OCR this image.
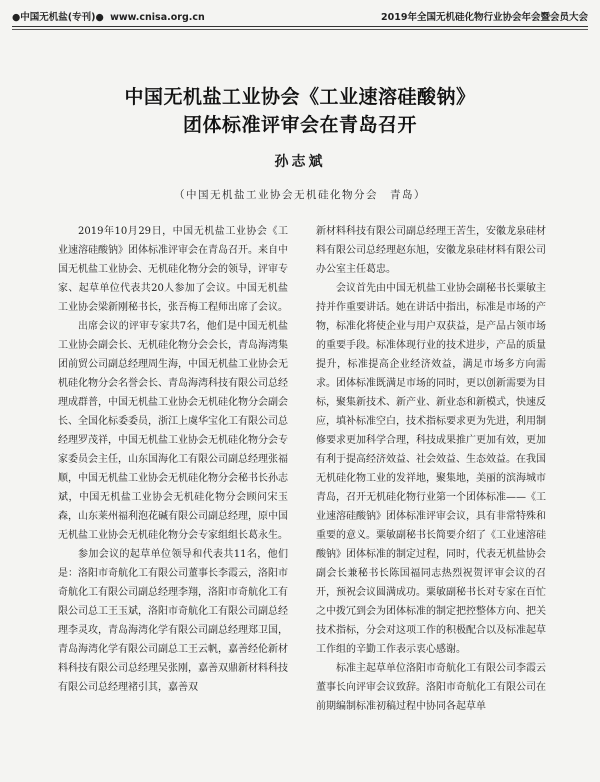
●中国无机盐(专刊)● www.cnisa.org.cn	2019年全国无机硅化物行业协会年会暨会员大会
中国无机盐工业协会《工业速溶硅酸钠》
团体标准评审会在青岛召开
孙志斌
（中国无机盐工业协会无机硅化物分会　青岛）

2019年10月29日，中国无机盐工业协会《工业速溶硅酸钠》团体标准评审会在青岛召开。来自中国无机盐工业协会、无机硅化物分会的领导，评审专家、起草单位代表共20人参加了会议。中国无机盐工业协会梁新刚秘书长，张吾梅工程师出席了会议。

出席会议的评审专家共7名，他们是中国无机盐工业协会副会长、无机硅化物分会会长，青岛海湾集团前贸公司副总经理周生海，中国无机盐工业协会无机硅化物分会名誉会长、青岛海湾科技有限公司总经理成群普，中国无机盐工业协会无机硅化物分会副会长、全国化标委委员，浙江上虞华宝化工有限公司总经理罗茂祥，中国无机盐工业协会无机硅化物分会专家委员会主任，山东国海化工有限公司副总经理张福顺，中国无机盐工业协会无机硅化物分会秘书长孙志斌，中国无机盐工业协会无机硅化物分会顾问宋玉森，山东莱州福利泡花碱有限公司副总经理，原中国无机盐工业协会无机硅化物分会专家组组长葛永生。

参加会议的起草单位领导和代表共11名，他们是：洛阳市奇航化工有限公司董事长李霞云，洛阳市奇航化工有限公司副总经理李翔，洛阳市奇航化工有限公司总工王玉斌，洛阳市奇航化工有限公司副总经理李灵攻，青岛海湾化学有限公司副总经理郑卫国，青岛海湾化学有限公司副总工王云帆，嘉善经伦新材料科技有限公司总经理吴张刚，嘉善双鼎新材料科技有限公司总经理褚引其，嘉善双

新材料科技有限公司副总经理王苦生，安徽龙泉硅材料有限公司总经理赵东旭，安徽龙泉硅材料有限公司办公室主任葛忠。

会议首先由中国无机盐工业协会副秘书长粟敏主持并作重要讲话。她在讲话中指出，标准是市场的产物，标准化将使企业与用户双获益，是产品占领市场的重要手段。标准体现行业的技术进步，产品的质量提升，标准提高企业经济效益，满足市场多方向需求。团体标准既满足市场的同时，更以创新需要为目标，聚集新技术、新产业、新业态和新模式，快速反应，填补标准空白，技术指标要求更为先进，利用制修要求更加科学合理，科技成果推广更加有效，更加有利于提高经济效益、社会效益、生态效益。在我国无机硅化物工业的发祥地，聚集地，美丽的滨海城市青岛，召开无机硅化物行业第一个团体标准——《工业速溶硅酸钠》团体标准评审会议，具有非常特殊和重要的意义。粟敏副秘书长简要介绍了《工业速溶硅酸钠》团体标准的制定过程，同时，代表无机盐协会副会长兼秘书长陈国福同志热烈祝贺评审会议的召开，预祝会议圆满成功。粟敏副秘书长对专家在百忙之中拨冗到会为团体标准的制定把控整体方向、把关技术指标，分会对这项工作的积极配合以及标准起草工作组的辛勤工作表示衷心感谢。

标准主起草单位洛阳市奇航化工有限公司李霞云董事长向评审会议致辞。洛阳市奇航化工有限公司在前期编制标准初稿过程中协同各起草单
